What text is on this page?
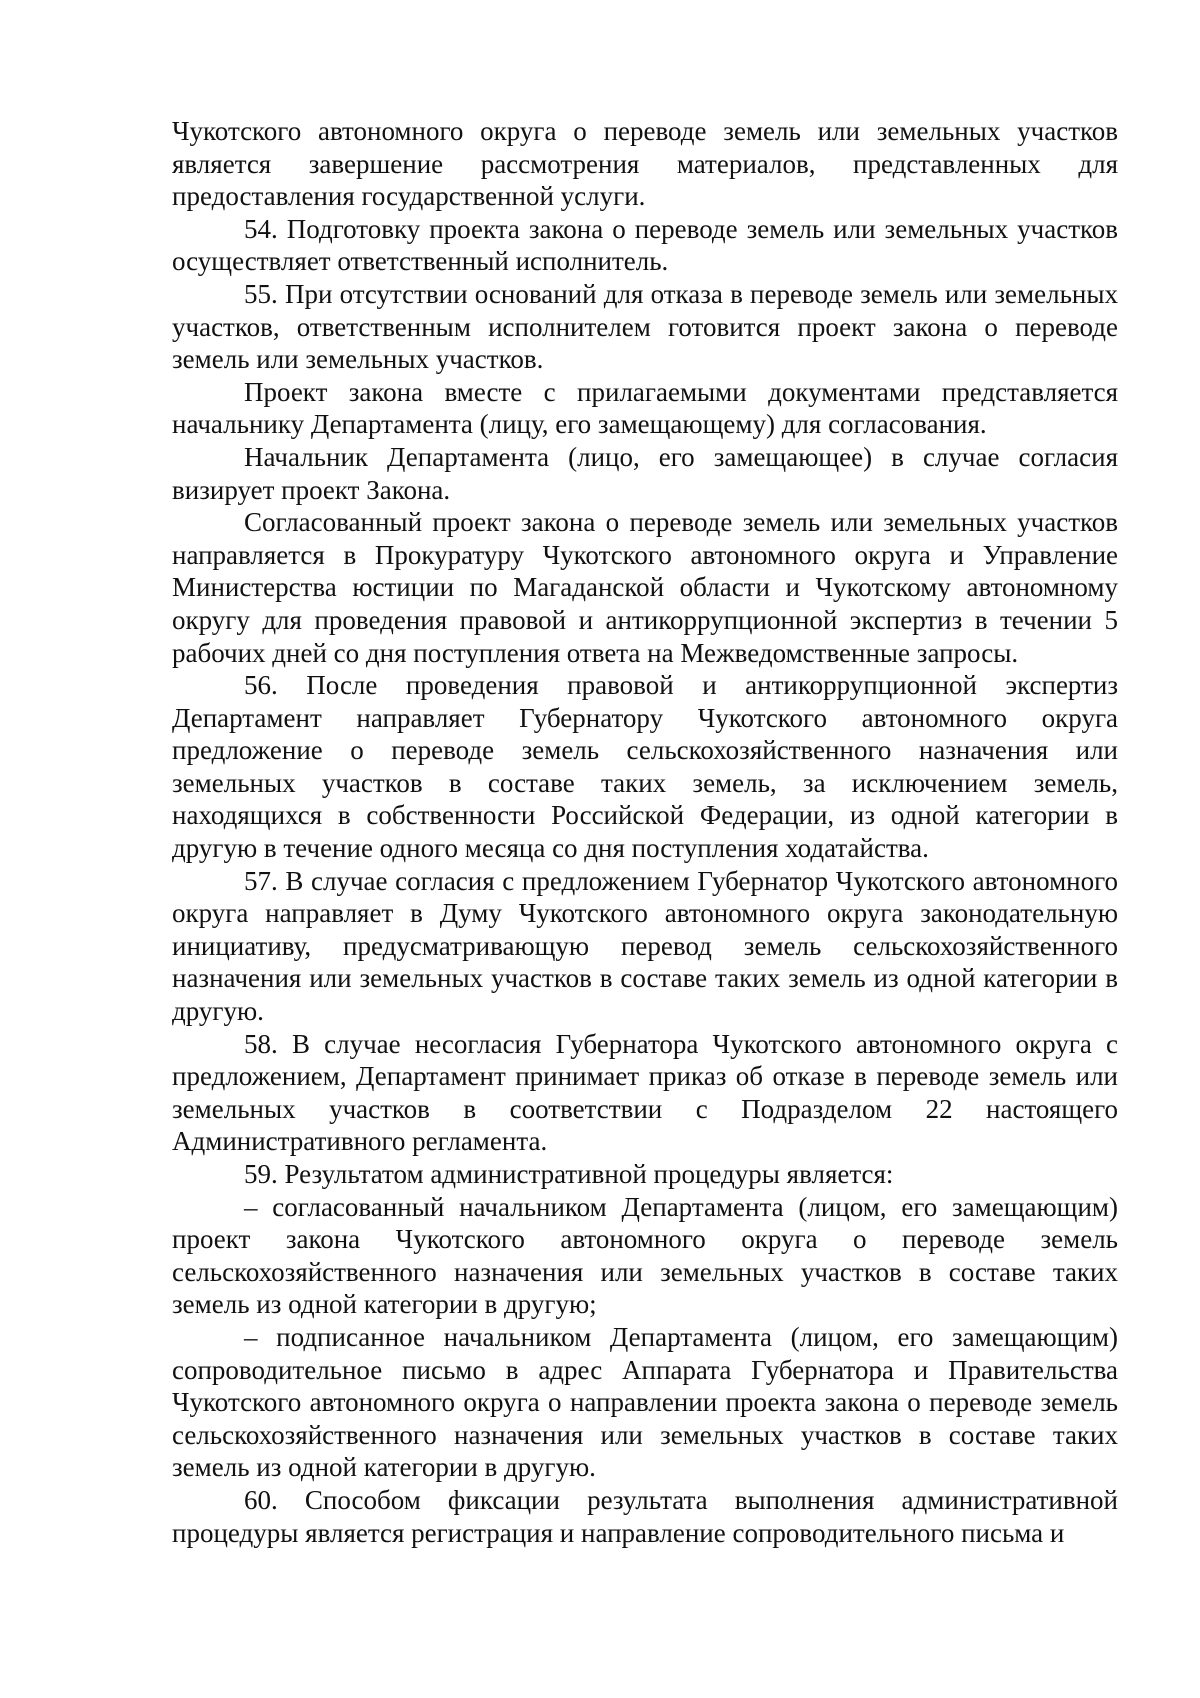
Чукотского автономного округа о переводе земель или земельных участков является завершение рассмотрения материалов, представленных для предоставления государственной услуги.

54. Подготовку проекта закона о переводе земель или земельных участков осуществляет ответственный исполнитель.

55. При отсутствии оснований для отказа в переводе земель или земельных участков, ответственным исполнителем готовится проект закона о переводе земель или земельных участков.

Проект закона вместе с прилагаемыми документами представляется начальнику Департамента (лицу, его замещающему) для согласования.

Начальник Департамента (лицо, его замещающее) в случае согласия визирует проект Закона.

Согласованный проект закона о переводе земель или земельных участков направляется в Прокуратуру Чукотского автономного округа и Управление Министерства юстиции по Магаданской области и Чукотскому автономному округу для проведения правовой и антикоррупционной экспертиз в течении 5 рабочих дней со дня поступления ответа на Межведомственные запросы.

56. После проведения правовой и антикоррупционной экспертиз Департамент направляет Губернатору Чукотского автономного округа предложение о переводе земель сельскохозяйственного назначения или земельных участков в составе таких земель, за исключением земель, находящихся в собственности Российской Федерации, из одной категории в другую в течение одного месяца со дня поступления ходатайства.

57. В случае согласия с предложением Губернатор Чукотского автономного округа направляет в Думу Чукотского автономного округа законодательную инициативу, предусматривающую перевод земель сельскохозяйственного назначения или земельных участков в составе таких земель из одной категории в другую.

58. В случае несогласия Губернатора Чукотского автономного округа с предложением, Департамент принимает приказ об отказе в переводе земель или земельных участков в соответствии с Подразделом 22 настоящего Административного регламента.

59. Результатом административной процедуры является:

– согласованный начальником Департамента (лицом, его замещающим) проект закона Чукотского автономного округа о переводе земель сельскохозяйственного назначения или земельных участков в составе таких земель из одной категории в другую;

– подписанное начальником Департамента (лицом, его замещающим) сопроводительное письмо в адрес Аппарата Губернатора и Правительства Чукотского автономного округа о направлении проекта закона о переводе земель сельскохозяйственного назначения или земельных участков в составе таких земель из одной категории в другую.

60. Способом фиксации результата выполнения административной процедуры является регистрация и направление сопроводительного письма и
